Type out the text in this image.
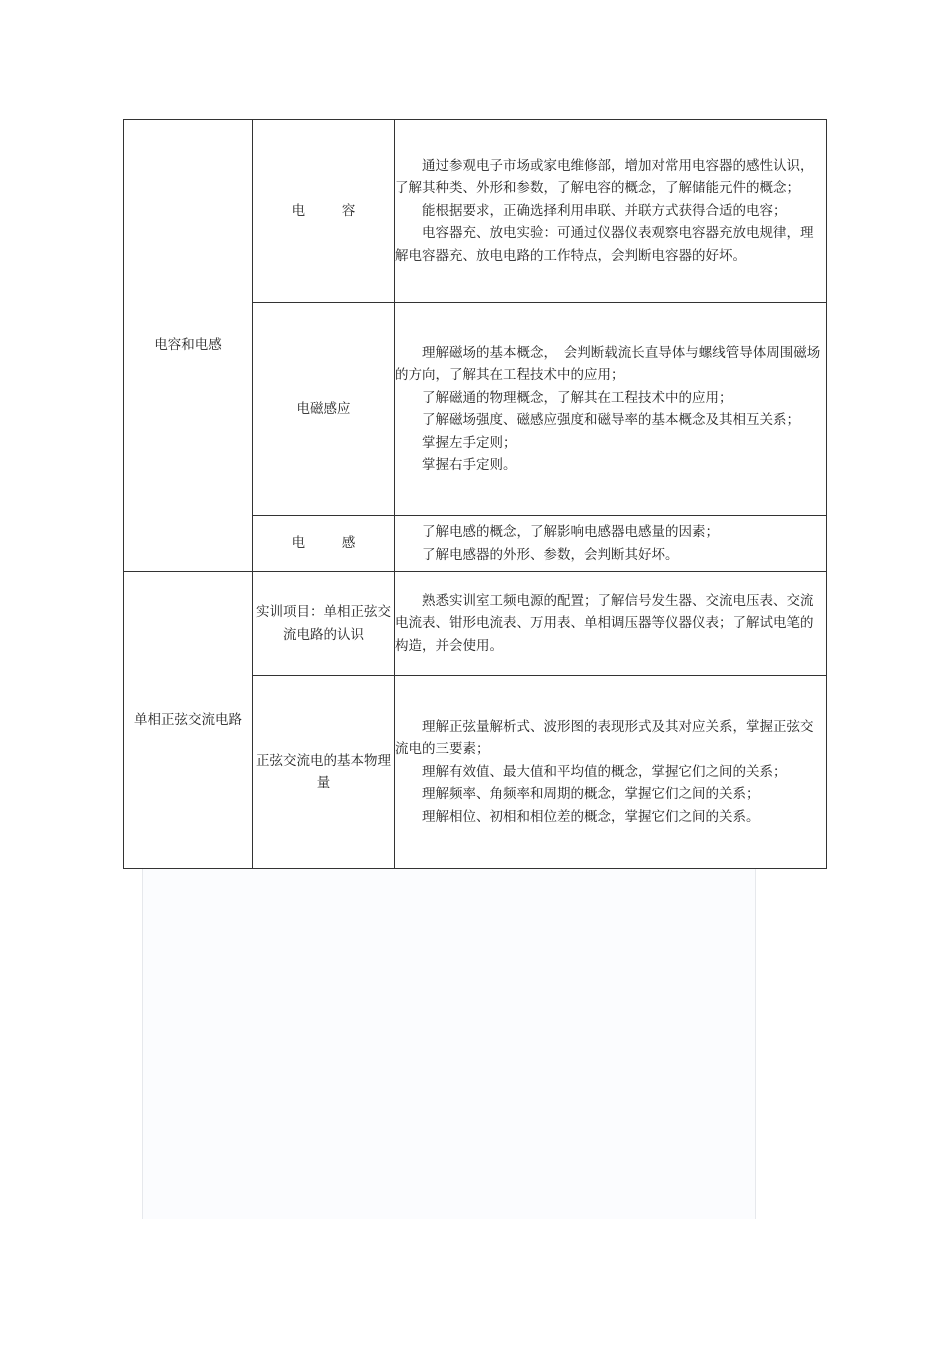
电容和电感	电 容	通过参观电子市场或家电维修部，增加对常用电容器的感性认识，了解其种类、外形和参数，了解电容的概念，了解储能元件的概念；
能根据要求，正确选择利用串联、并联方式获得合适的电容；
电容器充、放电实验：可通过仪器仪表观察电容器充放电规律，理解电容器充、放电电路的工作特点，会判断电容器的好坏。

	电磁感应	理解磁场的基本概念，　会判断载流长直导体与螺线管导体周围磁场的方向，了解其在工程技术中的应用；
了解磁通的物理概念，了解其在工程技术中的应用；
了解磁场强度、磁感应强度和磁导率的基本概念及其相互关系；
掌握左手定则；
掌握右手定则。

	电 感	了解电感的概念，了解影响电感器电感量的因素；
了解电感器的外形、参数，会判断其好坏。

单相正弦交流电路	实训项目：单相正弦交流电路的认识	熟悉实训室工频电源的配置；了解信号发生器、交流电压表、交流电流表、钳形电流表、万用表、单相调压器等仪器仪表；了解试电笔的构造，并会使用。

	正弦交流电的基本物理量	理解正弦量解析式、波形图的表现形式及其对应关系，掌握正弦交流电的三要素；
理解有效值、最大值和平均值的概念，掌握它们之间的关系；
理解频率、角频率和周期的概念，掌握它们之间的关系；
理解相位、初相和相位差的概念，掌握它们之间的关系。
